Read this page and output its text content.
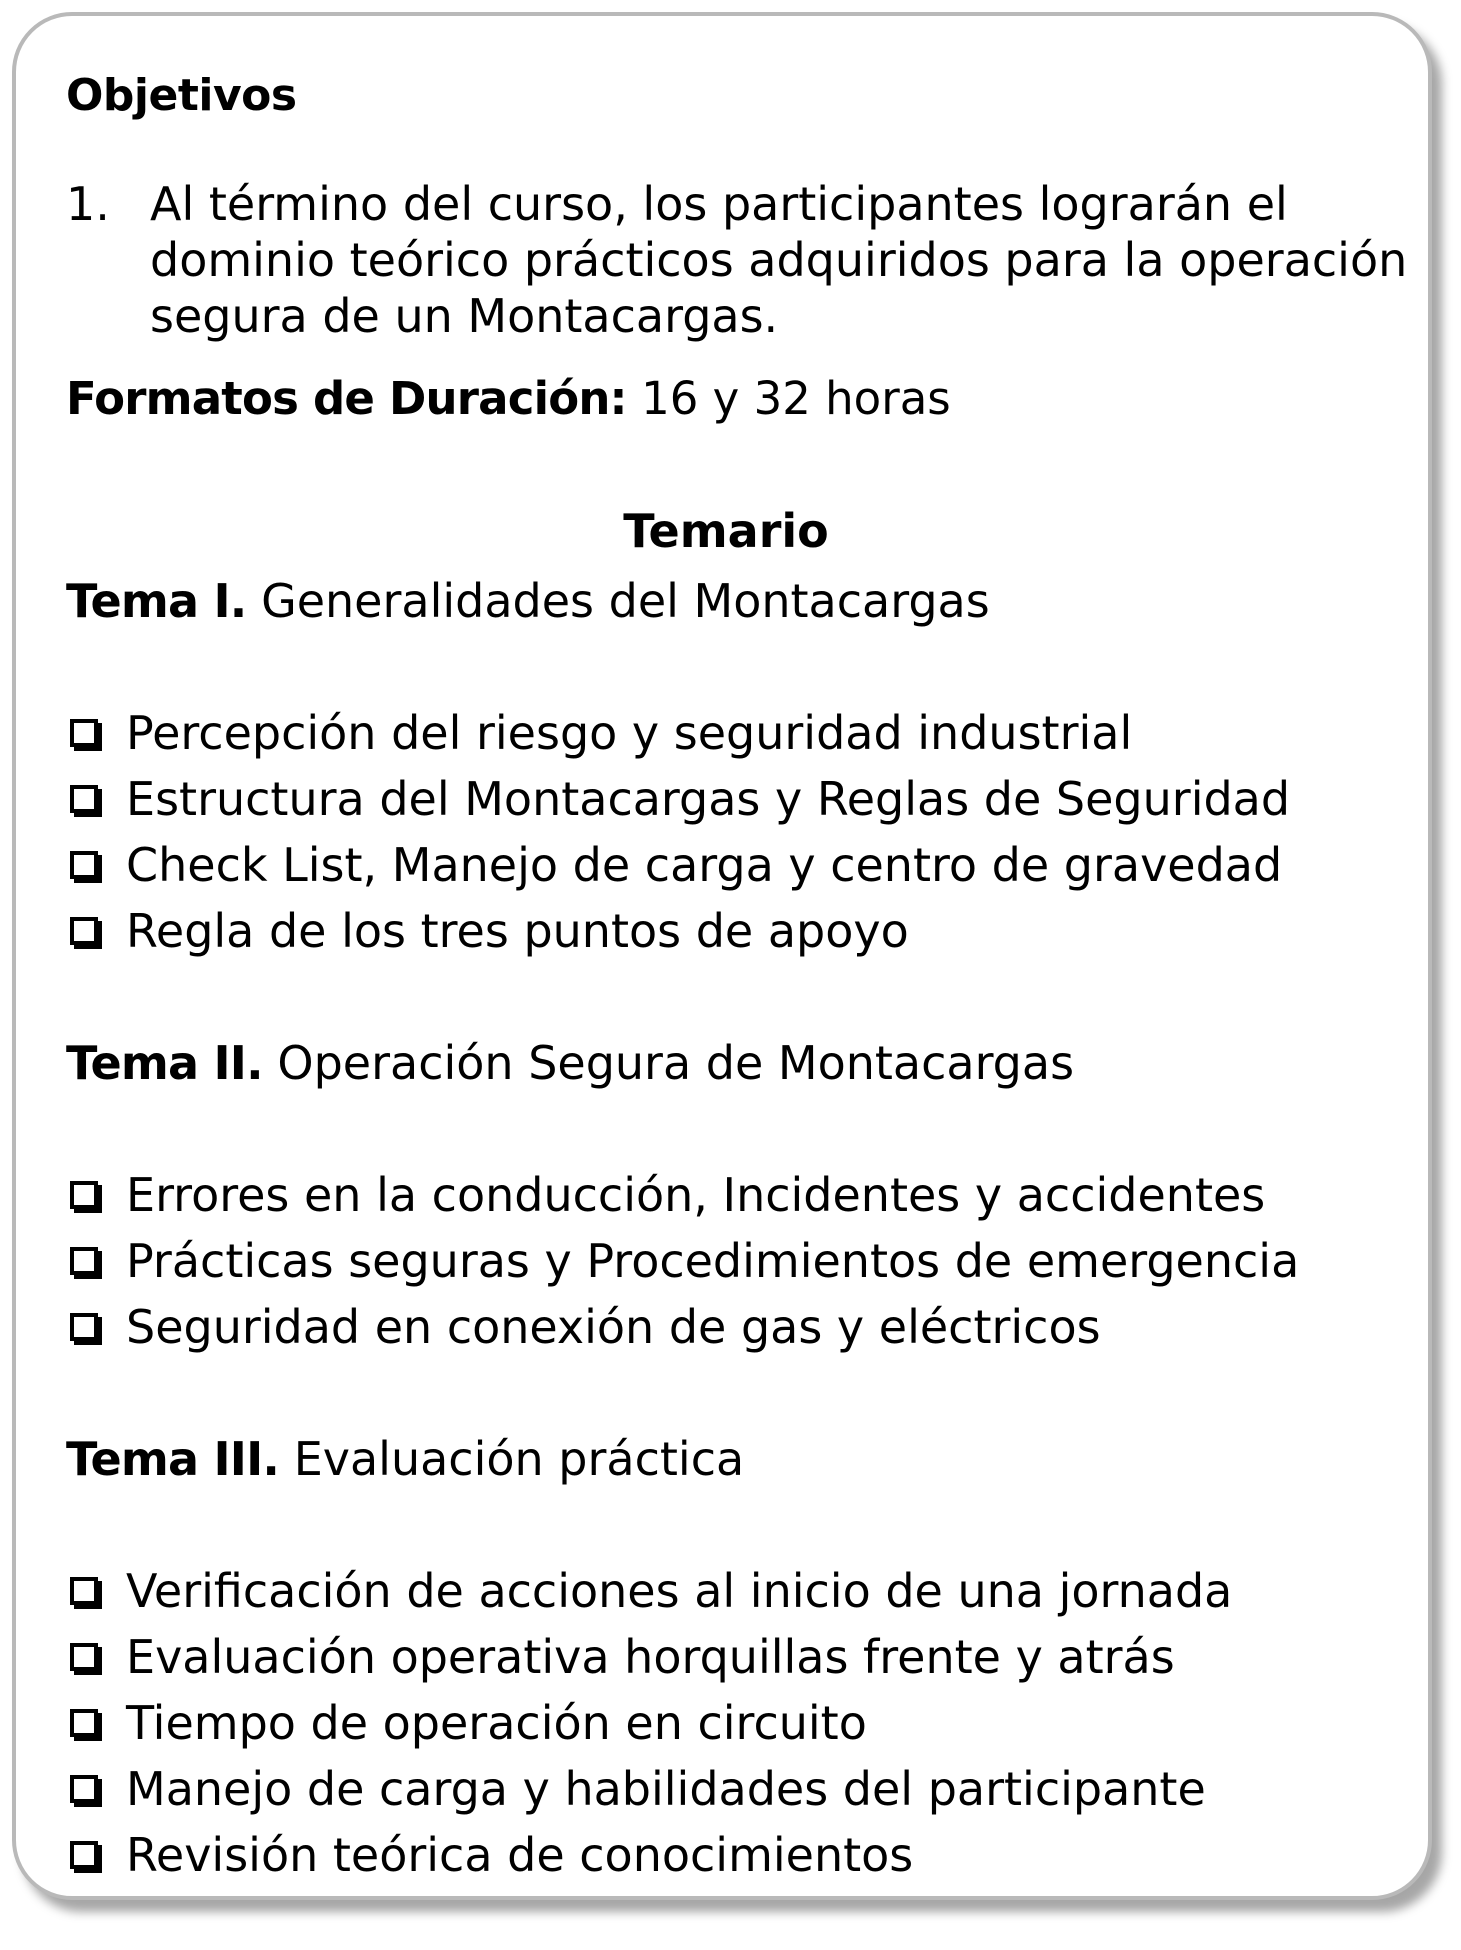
Objetivos
1. Al término del curso, los participantes lograrán el dominio teórico prácticos adquiridos para la operación segura de un Montacargas.
Formatos de Duración: 16 y 32 horas
Temario
Tema I. Generalidades del Montacargas
Percepción del riesgo y seguridad industrial
Estructura del Montacargas y Reglas de Seguridad
Check List, Manejo de carga y centro de gravedad
Regla de los tres puntos de apoyo
Tema II. Operación Segura de Montacargas
Errores en la conducción, Incidentes y accidentes
Prácticas seguras y Procedimientos de emergencia
Seguridad en conexión de gas y eléctricos
Tema III. Evaluación práctica
Verificación de acciones al inicio de una jornada
Evaluación operativa horquillas frente y atrás
Tiempo de operación en circuito
Manejo de carga y habilidades del participante
Revisión teórica de conocimientos
